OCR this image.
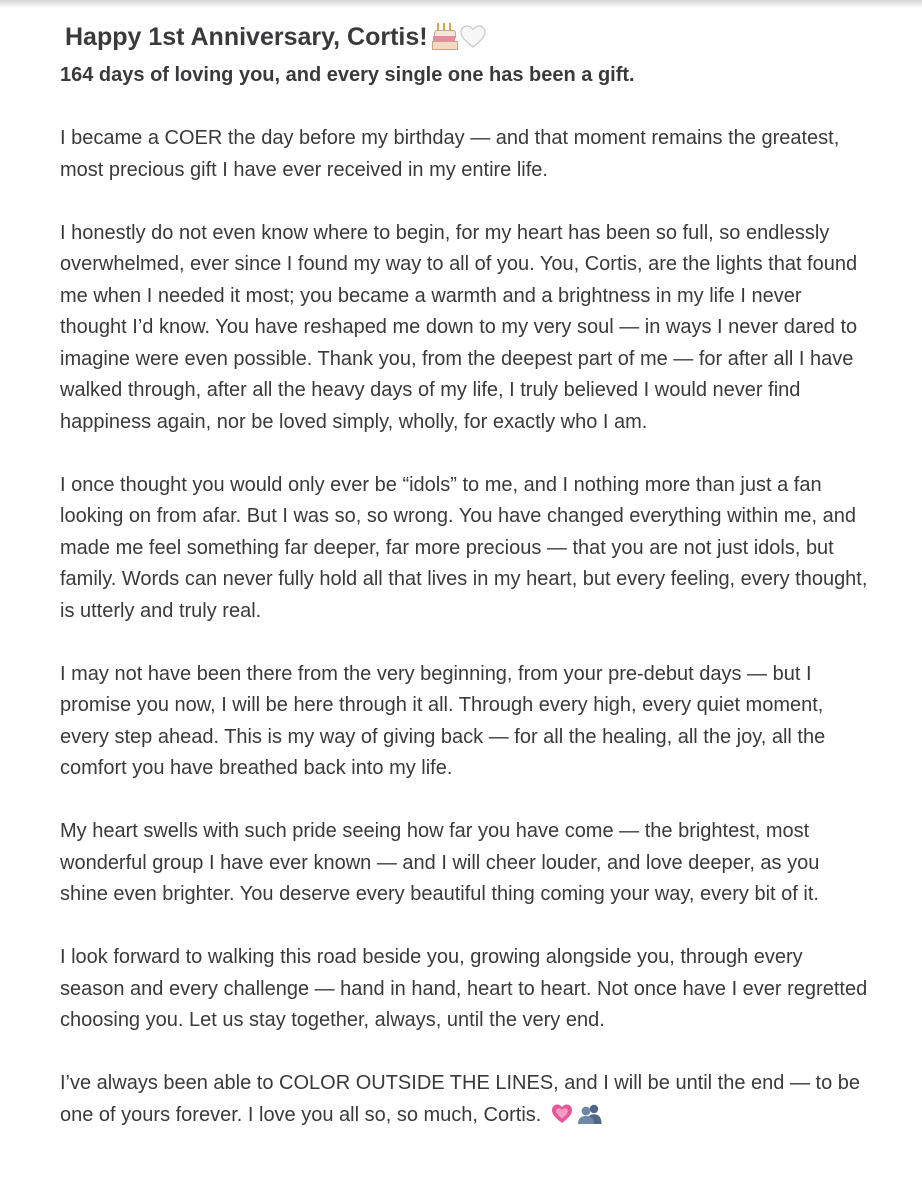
Happy 1st Anniversary, Cortis!
164 days of loving you, and every single one has been a gift.

I became a COER the day before my birthday — and that moment remains the greatest, most precious gift I have ever received in my entire life.

I honestly do not even know where to begin, for my heart has been so full, so endlessly overwhelmed, ever since I found my way to all of you. You, Cortis, are the lights that found me when I needed it most; you became a warmth and a brightness in my life I never thought I’d know. You have reshaped me down to my very soul — in ways I never dared to imagine were even possible. Thank you, from the deepest part of me — for after all I have walked through, after all the heavy days of my life, I truly believed I would never find happiness again, nor be loved simply, wholly, for exactly who I am.

I once thought you would only ever be “idols” to me, and I nothing more than just a fan looking on from afar. But I was so, so wrong. You have changed everything within me, and made me feel something far deeper, far more precious — that you are not just idols, but family. Words can never fully hold all that lives in my heart, but every feeling, every thought, is utterly and truly real.

I may not have been there from the very beginning, from your pre-debut days — but I promise you now, I will be here through it all. Through every high, every quiet moment, every step ahead. This is my way of giving back — for all the healing, all the joy, all the comfort you have breathed back into my life.

My heart swells with such pride seeing how far you have come — the brightest, most wonderful group I have ever known — and I will cheer louder, and love deeper, as you shine even brighter. You deserve every beautiful thing coming your way, every bit of it.

I look forward to walking this road beside you, growing alongside you, through every season and every challenge — hand in hand, heart to heart. Not once have I ever regretted choosing you. Let us stay together, always, until the very end.

I’ve always been able to COLOR OUTSIDE THE LINES, and I will be until the end — to be one of yours forever. I love you all so, so much, Cortis.
